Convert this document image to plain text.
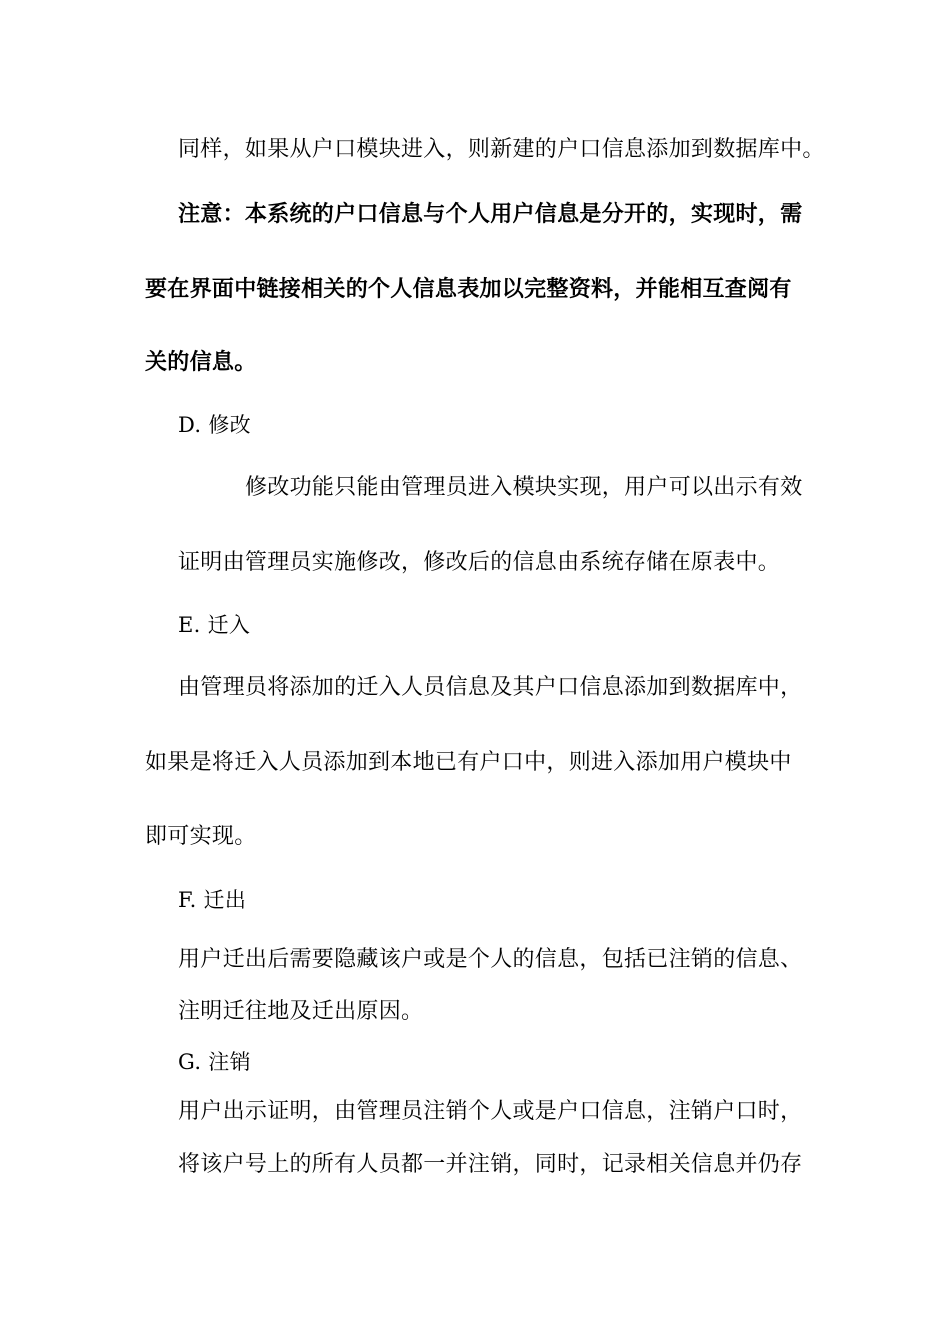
同样，如果从户口模块进入，则新建的户口信息添加到数据库中。
注意：本系统的户口信息与个人用户信息是分开的，实现时，需
要在界面中链接相关的个人信息表加以完整资料，并能相互查阅有
关的信息。
D. 修改
修改功能只能由管理员进入模块实现，用户可以出示有效
证明由管理员实施修改，修改后的信息由系统存储在原表中。
E. 迁入
由管理员将添加的迁入人员信息及其户口信息添加到数据库中，
如果是将迁入人员添加到本地已有户口中，则进入添加用户模块中
即可实现。
F. 迁出
用户迁出后需要隐藏该户或是个人的信息，包括已注销的信息、
注明迁往地及迁出原因。
G. 注销
用户出示证明，由管理员注销个人或是户口信息，注销户口时，
将该户号上的所有人员都一并注销，同时，记录相关信息并仍存
